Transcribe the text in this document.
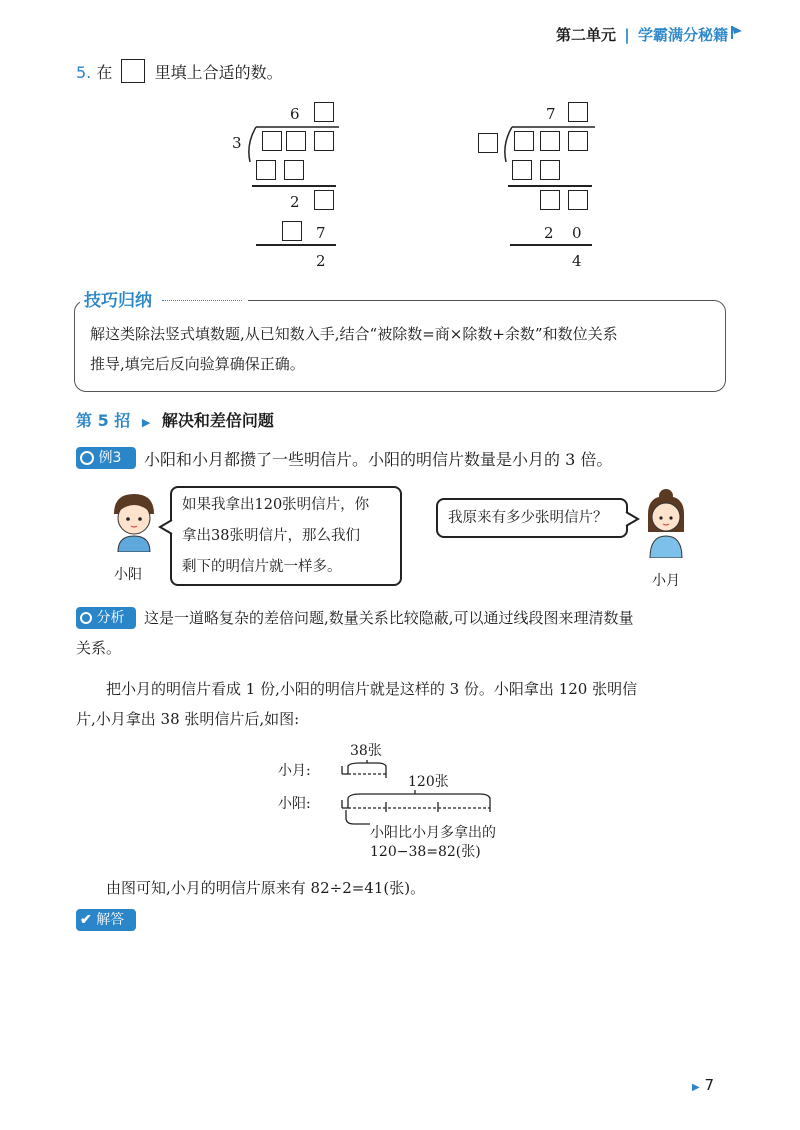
第二单元 | 学霸满分秘籍
5. 在	里填上合适的数。
6
3
2
7
2
7
2 0
4
技巧归纳
解这类除法竖式填数题,从已知数入手,结合“被除数=商×除数+余数”和数位关系
推导,填完后反向验算确保正确。
第 5 招 ▶ 解决和差倍问题
例3	小阳和小月都攒了一些明信片。小阳的明信片数量是小月的 3 倍。
小阳
如果我拿出120张明信片，你
拿出38张明信片，那么我们
剩下的明信片就一样多。
我原来有多少张明信片？
小月
分析	这是一道略复杂的差倍问题,数量关系比较隐蔽,可以通过线段图来理清数量
关系。
把小月的明信片看成 1 份,小阳的明信片就是这样的 3 份。小阳拿出 120 张明信
片,小月拿出 38 张明信片后,如图:
小月:
小阳:
38张
120张
小阳比小月多拿出的
120−38=82(张)
由图可知,小月的明信片原来有 82÷2=41(张)。
✔ 解答
▶ 7
